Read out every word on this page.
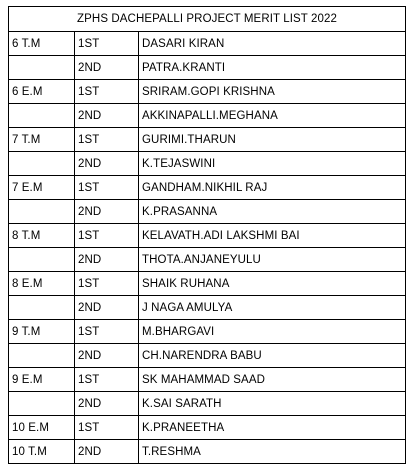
ZPHS DACHEPALLI PROJECT MERIT LIST 2022		
6 T.M	1ST	DASARI KIRAN
	2ND	PATRA.KRANTI
6 E.M	1ST	SRIRAM.GOPI KRISHNA
	2ND	AKKINAPALLI.MEGHANA
7 T.M	1ST	GURIMI.THARUN
	2ND	K.TEJASWINI
7 E.M	1ST	GANDHAM.NIKHIL RAJ
	2ND	K.PRASANNA
8 T.M	1ST	KELAVATH.ADI LAKSHMI BAI
	2ND	THOTA.ANJANEYULU
8 E.M	1ST	SHAIK RUHANA
	2ND	J NAGA AMULYA
9 T.M	1ST	M.BHARGAVI
	2ND	CH.NARENDRA BABU
9 E.M	1ST	SK MAHAMMAD SAAD
	2ND	K.SAI SARATH
10 E.M	1ST	K.PRANEETHA
10 T.M	2ND	T.RESHMA
